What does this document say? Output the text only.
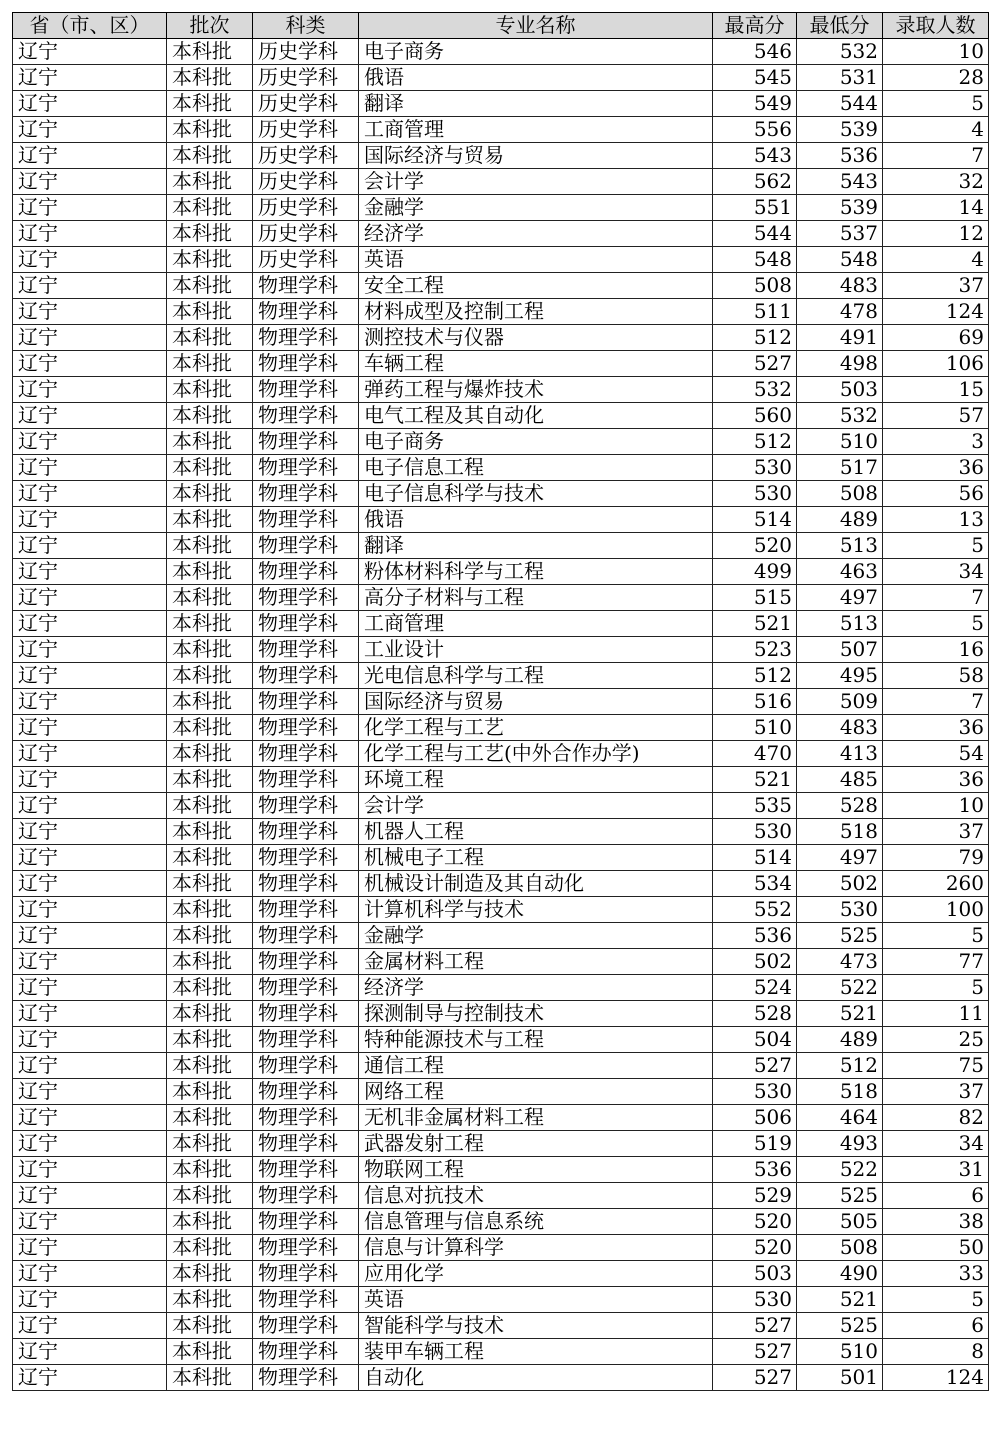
省（市、区）	批次	科类	专业名称	最高分	最低分	录取人数
辽宁	本科批	历史学科	电子商务	546	532	10
辽宁	本科批	历史学科	俄语	545	531	28
辽宁	本科批	历史学科	翻译	549	544	5
辽宁	本科批	历史学科	工商管理	556	539	4
辽宁	本科批	历史学科	国际经济与贸易	543	536	7
辽宁	本科批	历史学科	会计学	562	543	32
辽宁	本科批	历史学科	金融学	551	539	14
辽宁	本科批	历史学科	经济学	544	537	12
辽宁	本科批	历史学科	英语	548	548	4
辽宁	本科批	物理学科	安全工程	508	483	37
辽宁	本科批	物理学科	材料成型及控制工程	511	478	124
辽宁	本科批	物理学科	测控技术与仪器	512	491	69
辽宁	本科批	物理学科	车辆工程	527	498	106
辽宁	本科批	物理学科	弹药工程与爆炸技术	532	503	15
辽宁	本科批	物理学科	电气工程及其自动化	560	532	57
辽宁	本科批	物理学科	电子商务	512	510	3
辽宁	本科批	物理学科	电子信息工程	530	517	36
辽宁	本科批	物理学科	电子信息科学与技术	530	508	56
辽宁	本科批	物理学科	俄语	514	489	13
辽宁	本科批	物理学科	翻译	520	513	5
辽宁	本科批	物理学科	粉体材料科学与工程	499	463	34
辽宁	本科批	物理学科	高分子材料与工程	515	497	7
辽宁	本科批	物理学科	工商管理	521	513	5
辽宁	本科批	物理学科	工业设计	523	507	16
辽宁	本科批	物理学科	光电信息科学与工程	512	495	58
辽宁	本科批	物理学科	国际经济与贸易	516	509	7
辽宁	本科批	物理学科	化学工程与工艺	510	483	36
辽宁	本科批	物理学科	化学工程与工艺(中外合作办学)	470	413	54
辽宁	本科批	物理学科	环境工程	521	485	36
辽宁	本科批	物理学科	会计学	535	528	10
辽宁	本科批	物理学科	机器人工程	530	518	37
辽宁	本科批	物理学科	机械电子工程	514	497	79
辽宁	本科批	物理学科	机械设计制造及其自动化	534	502	260
辽宁	本科批	物理学科	计算机科学与技术	552	530	100
辽宁	本科批	物理学科	金融学	536	525	5
辽宁	本科批	物理学科	金属材料工程	502	473	77
辽宁	本科批	物理学科	经济学	524	522	5
辽宁	本科批	物理学科	探测制导与控制技术	528	521	11
辽宁	本科批	物理学科	特种能源技术与工程	504	489	25
辽宁	本科批	物理学科	通信工程	527	512	75
辽宁	本科批	物理学科	网络工程	530	518	37
辽宁	本科批	物理学科	无机非金属材料工程	506	464	82
辽宁	本科批	物理学科	武器发射工程	519	493	34
辽宁	本科批	物理学科	物联网工程	536	522	31
辽宁	本科批	物理学科	信息对抗技术	529	525	6
辽宁	本科批	物理学科	信息管理与信息系统	520	505	38
辽宁	本科批	物理学科	信息与计算科学	520	508	50
辽宁	本科批	物理学科	应用化学	503	490	33
辽宁	本科批	物理学科	英语	530	521	5
辽宁	本科批	物理学科	智能科学与技术	527	525	6
辽宁	本科批	物理学科	装甲车辆工程	527	510	8
辽宁	本科批	物理学科	自动化	527	501	124
